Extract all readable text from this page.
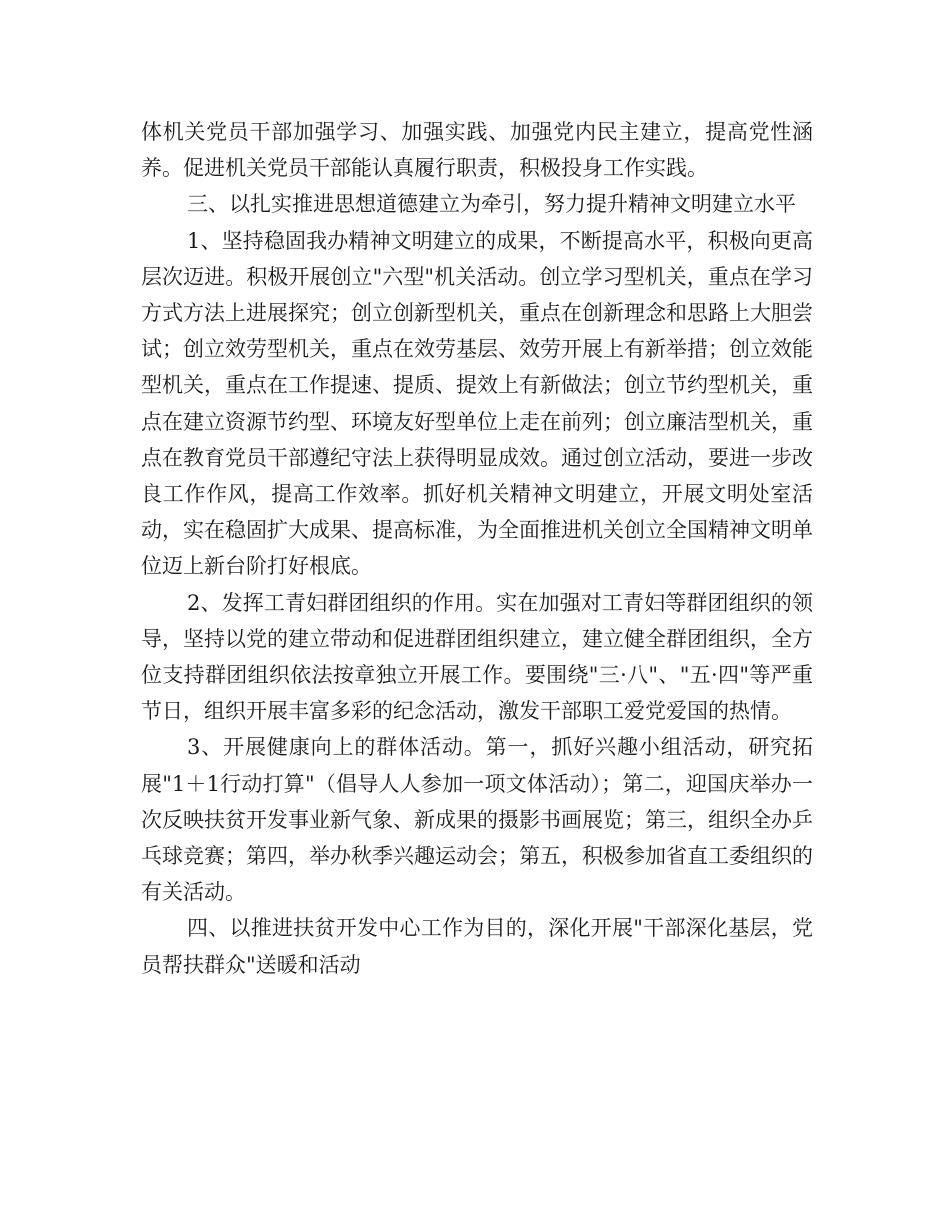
体机关党员干部加强学习、加强实践、加强党内民主建立，提高党性涵养。促进机关党员干部能认真履行职责，积极投身工作实践。

三、以扎实推进思想道德建立为牵引，努力提升精神文明建立水平

1、坚持稳固我办精神文明建立的成果，不断提高水平，积极向更高层次迈进。积极开展创立"六型"机关活动。创立学习型机关，重点在学习方式方法上进展探究；创立创新型机关，重点在创新理念和思路上大胆尝试；创立效劳型机关，重点在效劳基层、效劳开展上有新举措；创立效能型机关，重点在工作提速、提质、提效上有新做法；创立节约型机关，重点在建立资源节约型、环境友好型单位上走在前列；创立廉洁型机关，重点在教育党员干部遵纪守法上获得明显成效。通过创立活动，要进一步改良工作作风，提高工作效率。抓好机关精神文明建立，开展文明处室活动，实在稳固扩大成果、提高标准，为全面推进机关创立全国精神文明单位迈上新台阶打好根底。

2、发挥工青妇群团组织的作用。实在加强对工青妇等群团组织的领导，坚持以党的建立带动和促进群团组织建立，建立健全群团组织，全方位支持群团组织依法按章独立开展工作。要围绕"三·八"、"五·四"等严重节日，组织开展丰富多彩的纪念活动，激发干部职工爱党爱国的热情。

3、开展健康向上的群体活动。第一，抓好兴趣小组活动，研究拓展"1＋1行动打算"（倡导人人参加一项文体活动）；第二，迎国庆举办一次反映扶贫开发事业新气象、新成果的摄影书画展览；第三，组织全办乒乓球竞赛；第四，举办秋季兴趣运动会；第五，积极参加省直工委组织的有关活动。

四、以推进扶贫开发中心工作为目的，深化开展"干部深化基层，党员帮扶群众"送暖和活动
